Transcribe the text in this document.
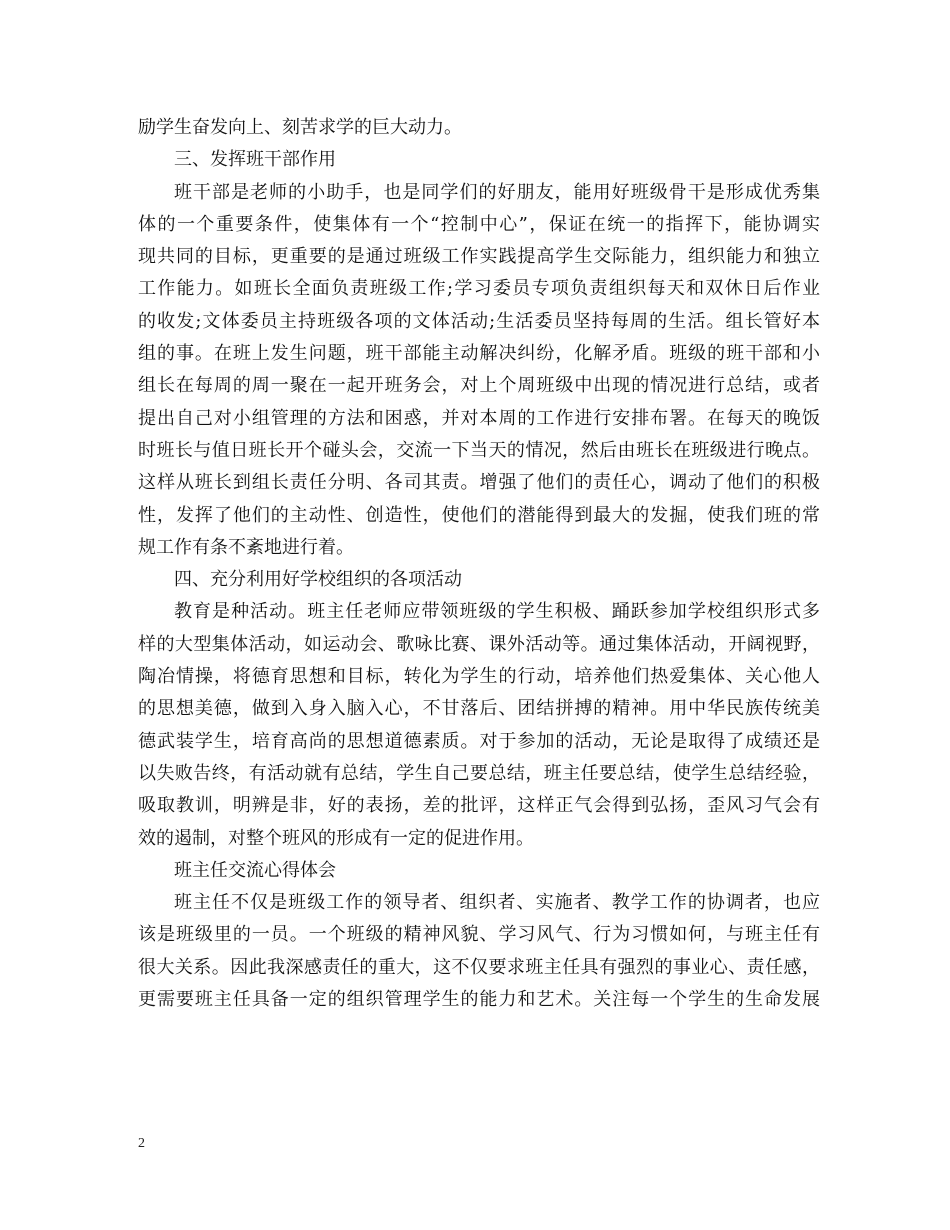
励学生奋发向上、刻苦求学的巨大动力。
三、发挥班干部作用
班干部是老师的小助手，也是同学们的好朋友，能用好班级骨干是形成优秀集
体的一个重要条件，使集体有一个“控制中心”，保证在统一的指挥下，能协调实
现共同的目标，更重要的是通过班级工作实践提高学生交际能力，组织能力和独立
工作能力。如班长全面负责班级工作;学习委员专项负责组织每天和双休日后作业
的收发;文体委员主持班级各项的文体活动;生活委员坚持每周的生活。组长管好本
组的事。在班上发生问题，班干部能主动解决纠纷，化解矛盾。班级的班干部和小
组长在每周的周一聚在一起开班务会，对上个周班级中出现的情况进行总结，或者
提出自己对小组管理的方法和困惑，并对本周的工作进行安排布署。在每天的晚饭
时班长与值日班长开个碰头会，交流一下当天的情况，然后由班长在班级进行晚点。
这样从班长到组长责任分明、各司其责。增强了他们的责任心，调动了他们的积极
性，发挥了他们的主动性、创造性，使他们的潜能得到最大的发掘，使我们班的常
规工作有条不紊地进行着。
四、充分利用好学校组织的各项活动
教育是种活动。班主任老师应带领班级的学生积极、踊跃参加学校组织形式多
样的大型集体活动，如运动会、歌咏比赛、课外活动等。通过集体活动，开阔视野，
陶冶情操，将德育思想和目标，转化为学生的行动，培养他们热爱集体、关心他人
的思想美德，做到入身入脑入心，不甘落后、团结拼搏的精神。用中华民族传统美
德武装学生，培育高尚的思想道德素质。对于参加的活动，无论是取得了成绩还是
以失败告终，有活动就有总结，学生自己要总结，班主任要总结，使学生总结经验，
吸取教训，明辨是非，好的表扬，差的批评，这样正气会得到弘扬，歪风习气会有
效的遏制，对整个班风的形成有一定的促进作用。
班主任交流心得体会
班主任不仅是班级工作的领导者、组织者、实施者、教学工作的协调者，也应
该是班级里的一员。一个班级的精神风貌、学习风气、行为习惯如何，与班主任有
很大关系。因此我深感责任的重大，这不仅要求班主任具有强烈的事业心、责任感，
更需要班主任具备一定的组织管理学生的能力和艺术。关注每一个学生的生命发展
2
